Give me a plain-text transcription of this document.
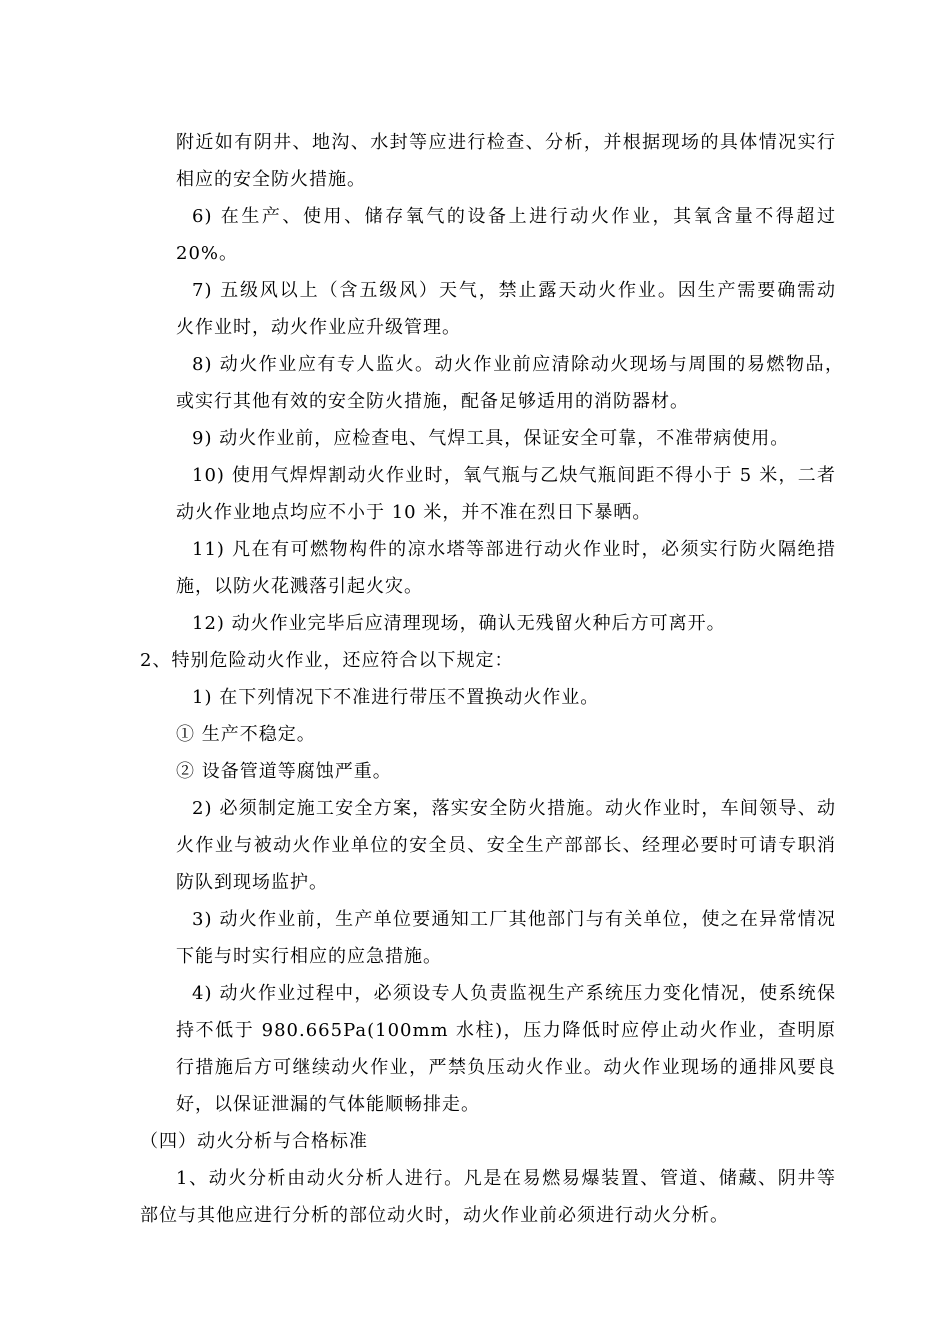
附近如有阴井、地沟、水封等应进行检查、分析，并根据现场的具体情况实行
相应的安全防火措施。
6) 在生产、使用、储存氧气的设备上进行动火作业，其氧含量不得超过
20%。
7) 五级风以上（含五级风）天气，禁止露天动火作业。因生产需要确需动
火作业时，动火作业应升级管理。
8) 动火作业应有专人监火。动火作业前应清除动火现场与周围的易燃物品，
或实行其他有效的安全防火措施，配备足够适用的消防器材。
9) 动火作业前，应检查电、气焊工具，保证安全可靠，不准带病使用。
10) 使用气焊焊割动火作业时，氧气瓶与乙炔气瓶间距不得小于 5 米，二者
动火作业地点均应不小于 10 米，并不准在烈日下暴晒。
11) 凡在有可燃物构件的凉水塔等部进行动火作业时，必须实行防火隔绝措
施，以防火花溅落引起火灾。
12) 动火作业完毕后应清理现场，确认无残留火种后方可离开。
2、特别危险动火作业，还应符合以下规定：
1) 在下列情况下不准进行带压不置换动火作业。
① 生产不稳定。
② 设备管道等腐蚀严重。
2) 必须制定施工安全方案，落实安全防火措施。动火作业时，车间领导、动
火作业与被动火作业单位的安全员、安全生产部部长、经理必要时可请专职消
防队到现场监护。
3) 动火作业前，生产单位要通知工厂其他部门与有关单位，使之在异常情况
下能与时实行相应的应急措施。
4) 动火作业过程中，必须设专人负责监视生产系统压力变化情况，使系统保
持不低于 980.665Pa(100mm 水柱)，压力降低时应停止动火作业，查明原
行措施后方可继续动火作业，严禁负压动火作业。动火作业现场的通排风要良
好，以保证泄漏的气体能顺畅排走。
（四）动火分析与合格标准
1、动火分析由动火分析人进行。凡是在易燃易爆装置、管道、储藏、阴井等
部位与其他应进行分析的部位动火时，动火作业前必须进行动火分析。
